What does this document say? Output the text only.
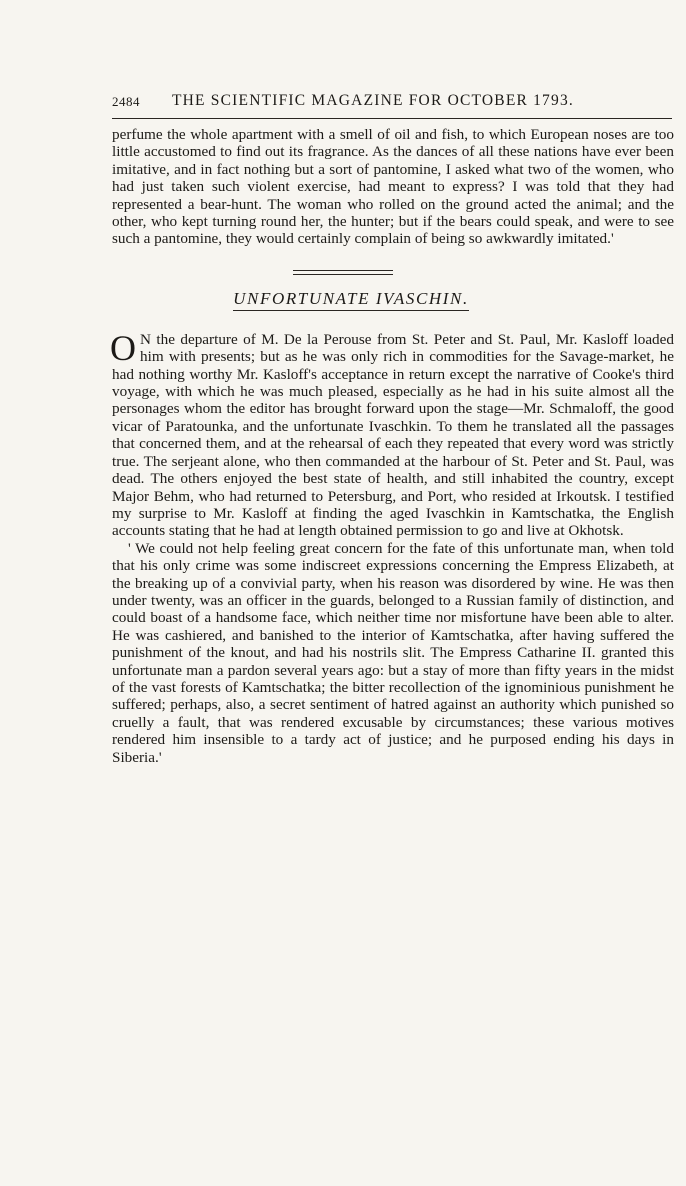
2484 THE SCIENTIFIC MAGAZINE FOR OCTOBER 1793.

perfume the whole apartment with a smell of oil and fish, to which European noses are too little accustomed to find out its fragrance. As the dances of all these nations have ever been imitative, and in fact nothing but a sort of pantomine, I asked what two of the women, who had just taken such violent exercise, had meant to express? I was told that they had represented a bear-hunt. The woman who rolled on the ground acted the animal; and the other, who kept turning round her, the hunter; but if the bears could speak, and were to see such a pantomine, they would certainly complain of being so awkwardly imitated.'

UNFORTUNATE IVASCHIN.

O N the departure of M. De la Perouse from St. Peter and St. Paul, Mr. Kasloff loaded him with presents; but as he was only rich in commodities for the Savage-market, he had nothing worthy Mr. Kasloff's acceptance in return except the narrative of Cooke's third voyage, with which he was much pleased, especially as he had in his suite almost all the personages whom the editor has brought forward upon the stage—Mr. Schmaloff, the good vicar of Paratounka, and the unfortunate Ivaschkin. To them he translated all the passages that concerned them, and at the rehearsal of each they repeated that every word was strictly true. The serjeant alone, who then commanded at the harbour of St. Peter and St. Paul, was dead. The others enjoyed the best state of health, and still inhabited the country, except Major Behm, who had returned to Petersburg, and Port, who resided at Irkoutsk. I testified my surprise to Mr. Kasloff at finding the aged Ivaschkin in Kamtschatka, the English accounts stating that he had at length obtained permission to go and live at Okhotsk.

' We could not help feeling great concern for the fate of this unfortunate man, when told that his only crime was some indiscreet expressions concerning the Empress Elizabeth, at the breaking up of a convivial party, when his reason was disordered by wine. He was then under twenty, was an officer in the guards, belonged to a Russian family of distinction, and could boast of a handsome face, which neither time nor misfortune have been able to alter. He was cashiered, and banished to the interior of Kamtschatka, after having suffered the punishment of the knout, and had his nostrils slit. The Empress Catharine II. granted this unfortunate man a pardon several years ago: but a stay of more than fifty years in the midst of the vast forests of Kamtschatka; the bitter recollection of the ignominious punishment he suffered; perhaps, also, a secret sentiment of hatred against an authority which punished so cruelly a fault, that was rendered excusable by circumstances; these various motives rendered him insensible to a tardy act of justice; and he purposed ending his days in Siberia.'
